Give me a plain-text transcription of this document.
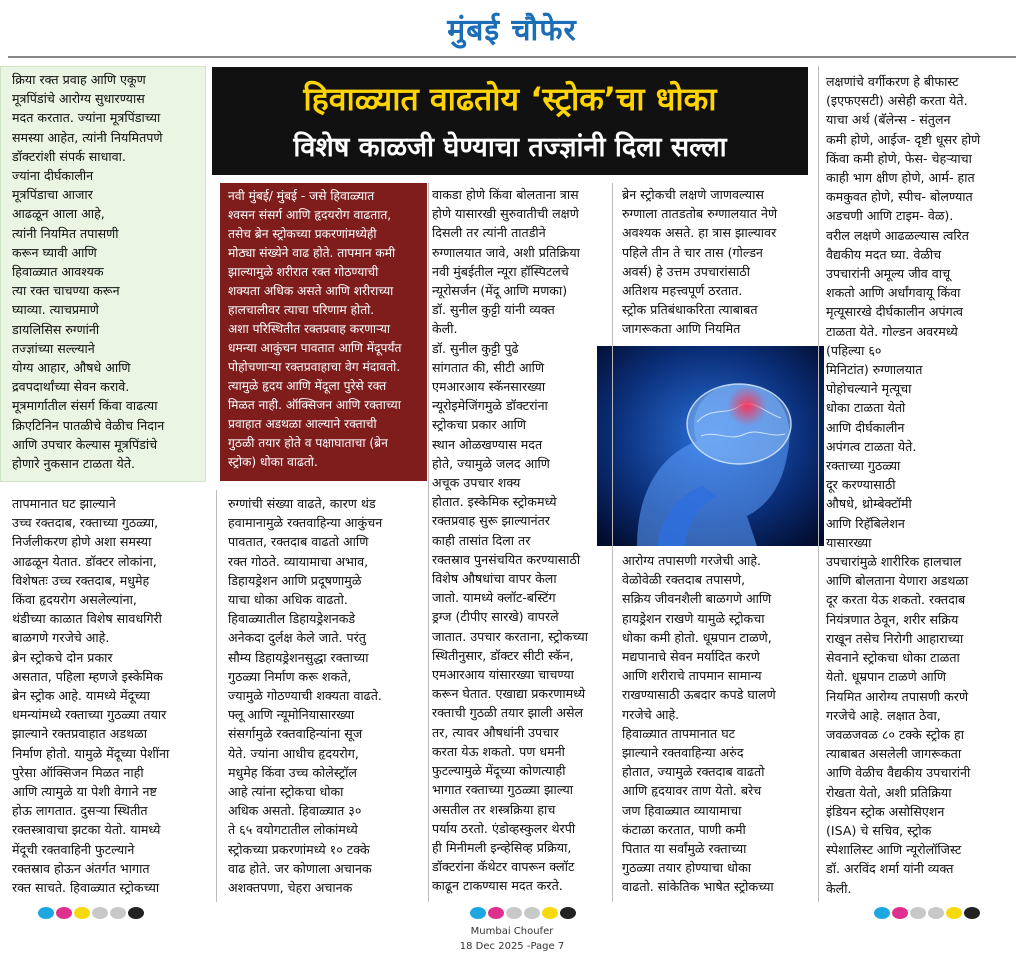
मुंबई चौफेर
क्रिया रक्त प्रवाह आणि एकूण
मूत्रपिंडांचे आरोग्य सुधारण्यास
मदत करतात. ज्यांना मूत्रपिंडाच्या
समस्या आहेत, त्यांनी नियमितपणे
डॉक्टरांशी संपर्क साधावा.
ज्यांना दीर्घकालीन
मूत्रपिंडाचा आजार
आढळून आला आहे,
त्यांनी नियमित तपासणी
करून घ्यावी आणि
हिवाळ्यात आवश्यक
त्या रक्त चाचण्या करून
घ्याव्या. त्याचप्रमाणे
डायलिसिस रुग्णांनी
तज्ज्ञांच्या सल्ल्याने
योग्य आहार, औषधे आणि
द्रवपदार्थांच्या सेवन करावे.
मूत्रमार्गातील संसर्ग किंवा वाढत्या
क्रिएटिनिन पातळीचे वेळीच निदान
आणि उपचार केल्यास मूत्रपिंडांचे
होणारे नुकसान टाळता येते.
हिवाळ्यात वाढतोय ‘स्ट्रोक’चा धोका
विशेष काळजी घेण्याचा तज्ज्ञांनी दिला सल्ला
नवी मुंबई/ मुंबई - जसे हिवाळ्यात
श्वसन संसर्ग आणि हृदयरोग वाढतात,
तसेच ब्रेन स्ट्रोकच्या प्रकरणांमध्येही
मोठ्या संख्येने वाढ होते. तापमान कमी
झाल्यामुळे शरीरात रक्त गोठण्याची
शक्यता अधिक असते आणि शरीराच्या
हालचालीवर त्याचा परिणाम होतो.
अशा परिस्थितीत रक्तप्रवाह करणाऱ्या
धमन्या आकुंचन पावतात आणि मेंदूपर्यंत
पोहोचणाऱ्या रक्तप्रवाहाचा वेग मंदावतो.
त्यामुळे हृदय आणि मेंदूला पुरेसे रक्त
मिळत नाही. ऑक्सिजन आणि रक्ताच्या
प्रवाहात अडथळा आल्याने रक्ताची
गुठळी तयार होते व पक्षाघाताचा (ब्रेन
स्ट्रोक) धोका वाढतो.
वाकडा होणे किंवा बोलताना त्रास
होणे यासारखी सुरुवातीची लक्षणे
दिसली तर त्यांनी तातडीने
रुग्णालयात जावे, अशी प्रतिक्रिया
नवी मुंबईतील न्यूरा हॉस्पिटलचे
न्यूरोसर्जन (मेंदू आणि मणका)
डॉ. सुनील कुट्टी यांनी व्यक्त
केली.
डॉ. सुनील कुट्टी पुढे
सांगतात की, सीटी आणि
एमआरआय स्कॅनसारख्या
न्यूरोइमेजिंगमुळे डॉक्टरांना
स्ट्रोकचा प्रकार आणि
स्थान ओळखण्यास मदत
होते, ज्यामुळे जलद आणि
अचूक उपचार शक्य
होतात. इस्केमिक स्ट्रोकमध्ये
रक्तप्रवाह सुरू झाल्यानंतर
काही तासांत दिला तर
रक्तस्राव पुनसंचयित करण्यासाठी
विशेष औषधांचा वापर केला
जातो. यामध्ये क्लॉट-बस्टिंग
ड्रग्ज (टीपीए सारखे) वापरले
जातात. उपचार करताना, स्ट्रोकच्या
स्थितीनुसार, डॉक्टर सीटी स्कॅन,
एमआरआय यांसारख्या चाचण्या
करून घेतात. एखाद्या प्रकरणामध्ये
रक्ताची गुठळी तयार झाली असेल
तर, त्यावर औषधांनी उपचार
करता येऊ शकतो. पण धमनी
फुटल्यामुळे मेंदूच्या कोणत्याही
भागात रक्ताच्या गुठळ्या झाल्या
असतील तर शस्त्रक्रिया हाच
पर्याय ठरतो. एंडोव्हस्कुलर थेरपी
ही मिनीमली इन्व्हेसिव्ह प्रक्रिया,
डॉक्टरांना कॅथेटर वापरून क्लॉट
काढून टाकण्यास मदत करते.
ब्रेन स्ट्रोकची लक्षणे जाणवल्यास
रुग्णाला तातडतोब रुग्णालयात नेणे
अवश्यक असते. हा त्रास झाल्यावर
पहिले तीन ते चार तास (गोल्डन
अवर्स) हे उत्तम उपचारांसाठी
अतिशय महत्त्वपूर्ण ठरतात.
स्ट्रोक प्रतिबंधाकरिता त्याबाबत
जागरूकता आणि नियमित
आरोग्य तपासणी गरजेची आहे.
वेळोवेळी रक्तदाब तपासणे,
सक्रिय जीवनशैली बाळगणे आणि
हायड्रेशन राखणे यामुळे स्ट्रोकचा
धोका कमी होतो. धूम्रपान टाळणे,
मद्यपानाचे सेवन मर्यादित करणे
आणि शरीराचे तापमान सामान्य
राखण्यासाठी ऊबदार कपडे घालणे
गरजेचे आहे.
हिवाळ्यात तापमानात घट
झाल्याने रक्तवाहिन्या अरुंद
होतात, ज्यामुळे रक्तदाब वाढतो
आणि हृदयावर ताण येतो. बरेच
जण हिवाळ्यात व्यायामाचा
कंटाळा करतात, पाणी कमी
पितात या सर्वांमुळे रक्ताच्या
गुठळ्या तयार होण्याचा धोका
वाढतो. सांकेतिक भाषेत स्ट्रोकच्या
लक्षणांचे वर्गीकरण हे बीफास्ट
(इएफएसटी) असेही करता येते.
याचा अर्थ (बॅलेन्स - संतुलन
कमी होणे, आईज- दृष्टी धूसर होणे
किंवा कमी होणे, फेस- चेहऱ्याचा
काही भाग क्षीण होणे, आर्म- हात
कमकुवत होणे, स्पीच- बोलण्यात
अडचणी आणि टाइम- वेळ).
वरील लक्षणे आढळल्यास त्वरित
वैद्यकीय मदत घ्या. वेळीच
उपचारांनी अमूल्य जीव वाचू
शकतो आणि अर्धांगवायू किंवा
मृत्यूसारखे दीर्घकालीन अपंगत्व
टाळता येते. गोल्डन अवरमध्ये
(पहिल्या ६०
मिनिटांत) रुग्णालयात
पोहोचल्याने मृत्यूचा
धोका टाळता येतो
आणि दीर्घकालीन
अपंगत्व टाळता येते.
रक्ताच्या गुठळ्या
दूर करण्यासाठी
औषधे, थ्रोम्बेक्टॉमी
आणि रिहॅबिलेशन
यासारख्या
उपचारांमुळे शारीरिक हालचाल
आणि बोलताना येणारा अडथळा
दूर करता येऊ शकतो. रक्तदाब
नियंत्रणात ठेवून, शरीर सक्रिय
राखून तसेच निरोगी आहाराच्या
सेवनाने स्ट्रोकचा धोका टाळता
येतो. धूम्रपान टाळणे आणि
नियमित आरोग्य तपासणी करणे
गरजेचे आहे. लक्षात ठेवा,
जवळजवळ ८० टक्के स्ट्रोक हा
त्याबाबत असलेली जागरूकता
आणि वेळीच वैद्यकीय उपचारांनी
रोखता येतो, अशी प्रतिक्रिया
इंडियन स्ट्रोक असोसिएशन
(ISA) चे सचिव, स्ट्रोक
स्पेशालिस्ट आणि न्यूरोलॉजिस्ट
डॉ. अरविंद शर्मा यांनी व्यक्त
केली.
तापमानात घट झाल्याने
उच्च रक्तदाब, रक्ताच्या गुठळ्या,
निर्जलीकरण होणे अशा समस्या
आढळून येतात. डॉक्टर लोकांना,
विशेषतः उच्च रक्तदाब, मधुमेह
किंवा हृदयरोग असलेल्यांना,
थंडीच्या काळात विशेष सावधगिरी
बाळगणे गरजेचे आहे.
ब्रेन स्ट्रोकचे दोन प्रकार
असतात, पहिला म्हणजे इस्केमिक
ब्रेन स्ट्रोक आहे. यामध्ये मेंदूच्या
धमन्यांमध्ये रक्ताच्या गुठळ्या तयार
झाल्याने रक्तप्रवाहात अडथळा
निर्माण होतो. यामुळे मेंदूच्या पेशींना
पुरेसा ऑक्सिजन मिळत नाही
आणि त्यामुळे या पेशी वेगाने नष्ट
होऊ लागतात. दुसऱ्या स्थितीत
रक्तस्त्रावाचा झटका येतो. यामध्ये
मेंदूची रक्तवाहिनी फुटल्याने
रक्तस्राव होऊन अंतर्गत भागात
रक्त साचते. हिवाळ्यात स्ट्रोकच्या
रुग्णांची संख्या वाढते, कारण थंड
हवामानामुळे रक्तवाहिन्या आकुंचन
पावतात, रक्तदाब वाढतो आणि
रक्त गोठते. व्यायामाचा अभाव,
डिहायड्रेशन आणि प्रदूषणामुळे
याचा धोका अधिक वाढतो.
हिवाळ्यातील डिहायड्रेशनकडे
अनेकदा दुर्लक्ष केले जाते. परंतु
सौम्य डिहायड्रेशनसुद्धा रक्ताच्या
गुठळ्या निर्माण करू शकते,
ज्यामुळे गोठण्याची शक्यता वाढते.
फ्लू आणि न्यूमोनियासारख्या
संसर्गामुळे रक्तवाहिन्यांना सूज
येते. ज्यांना आधीच हृदयरोग,
मधुमेह किंवा उच्च कोलेस्ट्रॉल
आहे त्यांना स्ट्रोकचा धोका
अधिक असतो. हिवाळ्यात ३०
ते ६५ वयोगटातील लोकांमध्ये
स्ट्रोकच्या प्रकरणांमध्ये १० टक्के
वाढ होते. जर कोणाला अचानक
अशक्तपणा, चेहरा अचानक
Mumbai Choufer
18 Dec 2025 -Page 7
